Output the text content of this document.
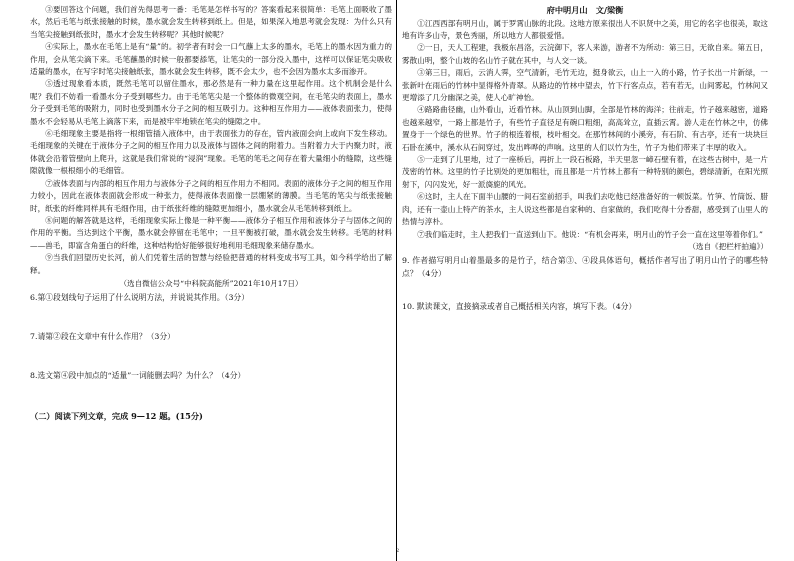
③要回答这个问题，我们首先得思考一番：毛笔是怎样书写的？答案看起来很简单：毛笔上面吸收了墨水，然后毛笔与纸张接触的时候，墨水就会发生转移到纸上。但是，如果深入地思考就会发现：为什么只有当笔尖接触到纸张时，墨水才会发生转移呢？其他时候呢？

④实际上，墨水在毛笔上是有“量”的。初学者有时会一口气蘸上太多的墨水，毛笔上的墨水因为重力的作用，会从笔尖滴下来。毛笔蘸墨的时候一般都要舔笔，让笔尖的一部分没入墨中，这样可以保证笔尖吸收适量的墨水，在写字时笔尖接触纸张，墨水就会发生转移，既不会太少，也不会因为墨水太多而渗开。

⑤透过现象看本质，既然毛笔可以留住墨水，那必然是有一种力量在这里起作用。这个机制会是什么呢？我们不妨看一看墨水分子受到哪些力。由于毛笔笔尖是一个整体的微观空间，在毛笔尖的表面上，墨水分子受到毛笔的吸附力，同时也受到墨水分子之间的相互吸引力。这种相互作用力——液体表面张力，使得墨水不会轻易从毛笔上滴落下来，而是被牢牢地锁在笔尖的缝隙之中。

⑥毛细现象主要是指将一根细管插入液体中，由于表面张力的存在，管内液面会向上或向下发生移动。毛细现象的关键在于液体分子之间的相互作用力以及液体与固体之间的附着力。当附着力大于内聚力时，液体就会沿着管壁向上爬升，这就是我们常说的“浸润”现象。毛笔的笔毛之间存在着大量细小的缝隙，这些缝隙就像一根根细小的毛细管。

⑦液体表面与内部的相互作用力与液体分子之间的相互作用力不相同。表面的液体分子之间的相互作用力较小，因此在液体表面就会形成一种张力，使得液体表面像一层绷紧的薄膜。当毛笔的笔尖与纸张接触时，纸张的纤维同样具有毛细作用，由于纸张纤维的缝隙更加细小，墨水就会从毛笔转移到纸上。

⑧问题的解答就是这样，毛细现象实际上像是一种平衡——液体分子相互作用和液体分子与固体之间的作用的平衡。当达到这个平衡，墨水就会停留在毛笔中；一旦平衡被打破，墨水就会发生转移。毛笔的材料——兽毛，即富含角蛋白的纤维，这种结构恰好能够很好地利用毛细现象来储存墨水。

⑨当我们回望历史长河，前人们凭着生活的智慧与经验把普通的材料变成书写工具，如今科学给出了解释。

（选自微信公众号“中科院高能所”2021年10月17日）

6.第①段划线句子运用了什么说明方法，并说说其作用。（3分）

7.请第②段在文章中有什么作用？（3分）

8.选文第④段中加点的“适量”一词能删去吗？为什么？（4分）

（二）阅读下列文章，完成 9—12 题。(15分)

府中明月山　文/梁衡

①江西西部有明月山，属于罗霄山脉的北段。这地方原来很出人不识贤中之美，用它的名字也很美，取这地有许多山寺，景色秀丽，所以地方人都很爱惜。

②一日，天人工程建，我极东昌洛，云浣御下，客人来游，游者不为所动：第三日，无欲自来。第五日，雾散山明，整个山坡的名山竹子就在其中，与人交一谈。

③第三日，雨后，云消人霁，空气清新，毛竹无边，挺身欲云，山上一入的小路，竹子长出一片新绿，一张新叶在雨后的竹林中显得格外青翠。从路边的竹林中望去，竹下行客点点，若有若无，山间雾起，竹林间又更增添了几分幽深之美，使人心旷神怡。

④路路曲径幽，山外看山，近看竹林。从山顶到山脚，全部是竹林的海洋；往前走，竹子越来越密，道路也越来越窄，一路上都是竹子，有些竹子直径足有碗口粗细，高高耸立，直插云霄。游人走在竹林之中，仿佛置身于一个绿色的世界。竹子的根连着根，枝叶相交。在那竹林间的小溪旁，有石阶、有古亭，还有一块块巨石卧在溪中，溪水从石间穿过，发出哗哗的声响。这里的人们以竹为生，竹子为他们带来了丰厚的收入。

⑤一走到了儿里地，过了一座桥后，再折上一段石板路，半天里忽一嶂石壁有着，在这些古树中，是一片茂密的竹林。这里的竹子比别处的更加粗壮，而且都是一片竹林上都有一种特别的颜色，碧绿清新，在阳光照射下，闪闪发光，好一派旖旎的风光。

⑥这时，主人在下面半山腰的一间石室前招手，叫我们去吃他已经准备好的一顿饭菜。竹笋、竹筒饭、腊肉，还有一壶山上特产的茶水，主人说这些都是自家种的、自家做的，我们吃得十分香甜，感受到了山里人的热情与淳朴。

⑦我们临走时，主人把我们一直送到山下。他说：“有机会再来，明月山的竹子会一直在这里等着你们。”

（选自《把栏杆拍遍》）

9. 作者描写明月山着墨最多的是竹子，结合第③、④段具体语句，概括作者写出了明月山竹子的哪些特点？（4分）

10. 默读课文，直接摘录或者自己概括相关内容，填写下表。（4分）

2
